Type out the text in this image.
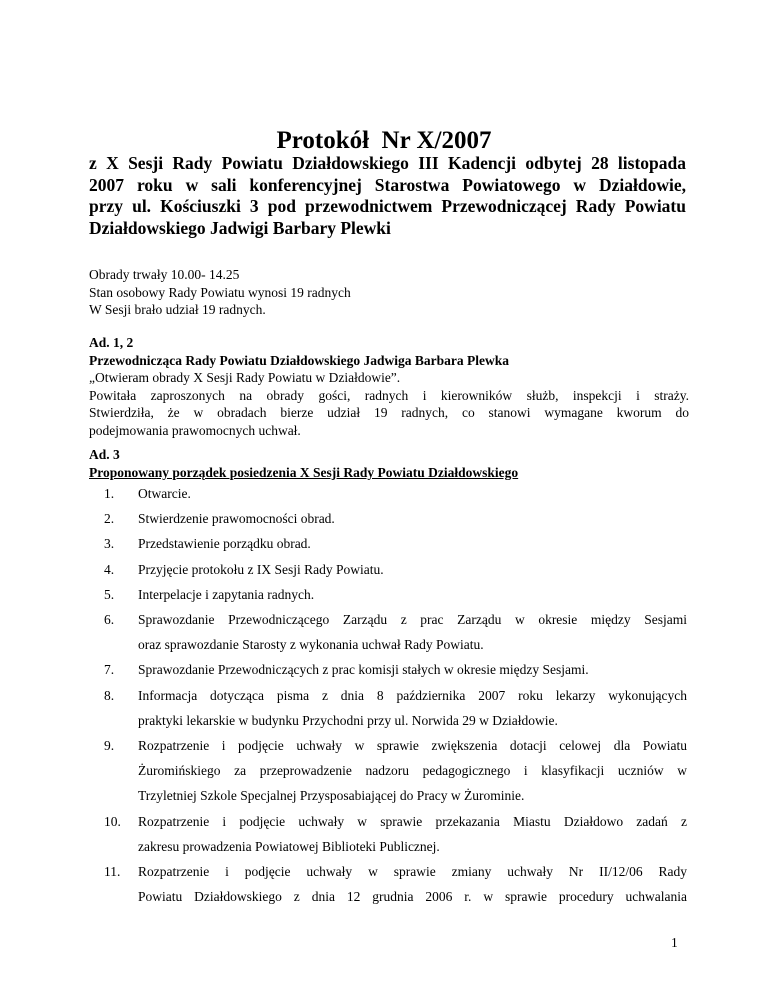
Protokół  Nr X/2007

z X Sesji Rady Powiatu Działdowskiego III Kadencji odbytej 28 listopada
2007 roku w sali konferencyjnej Starostwa Powiatowego w Działdowie,
przy ul. Kościuszki 3 pod przewodnictwem Przewodniczącej Rady Powiatu
Działdowskiego Jadwigi Barbary Plewki

Obrady trwały 10.00- 14.25
Stan osobowy Rady Powiatu wynosi 19 radnych
W Sesji brało udział 19 radnych.
Ad. 1, 2
Przewodnicząca Rady Powiatu Działdowskiego Jadwiga Barbara Plewka
„Otwieram obrady X Sesji Rady Powiatu w Działdowie”.
Powitała zaproszonych na obrady gości, radnych i kierowników służb, inspekcji i straży.
Stwierdziła, że w obradach bierze udział 19 radnych, co stanowi wymagane kworum do
podejmowania prawomocnych uchwał.
Ad. 3
Proponowany porządek posiedzenia X Sesji Rady Powiatu Działdowskiego
1. Otwarcie.
2. Stwierdzenie prawomocności obrad.
3. Przedstawienie porządku obrad.
4. Przyjęcie protokołu z IX Sesji Rady Powiatu.
5. Interpelacje i zapytania radnych.
6. Sprawozdanie Przewodniczącego Zarządu z prac Zarządu w okresie między Sesjami
oraz sprawozdanie Starosty z wykonania uchwał Rady Powiatu.
7. Sprawozdanie Przewodniczących z prac komisji stałych w okresie między Sesjami.
8. Informacja dotycząca pisma z dnia 8 października 2007 roku lekarzy wykonujących
praktyki lekarskie w budynku Przychodni przy ul. Norwida 29 w Działdowie.
9. Rozpatrzenie i podjęcie uchwały w sprawie zwiększenia dotacji celowej dla Powiatu
Żuromińskiego za przeprowadzenie nadzoru pedagogicznego i klasyfikacji uczniów w
Trzyletniej Szkole Specjalnej Przysposabiającej do Pracy w Żurominie.
10. Rozpatrzenie i podjęcie uchwały w sprawie przekazania Miastu Działdowo zadań z
zakresu prowadzenia Powiatowej Biblioteki Publicznej.
11. Rozpatrzenie i podjęcie uchwały w sprawie zmiany uchwały Nr II/12/06 Rady
Powiatu Działdowskiego z dnia 12 grudnia 2006 r. w sprawie procedury uchwalania
1
